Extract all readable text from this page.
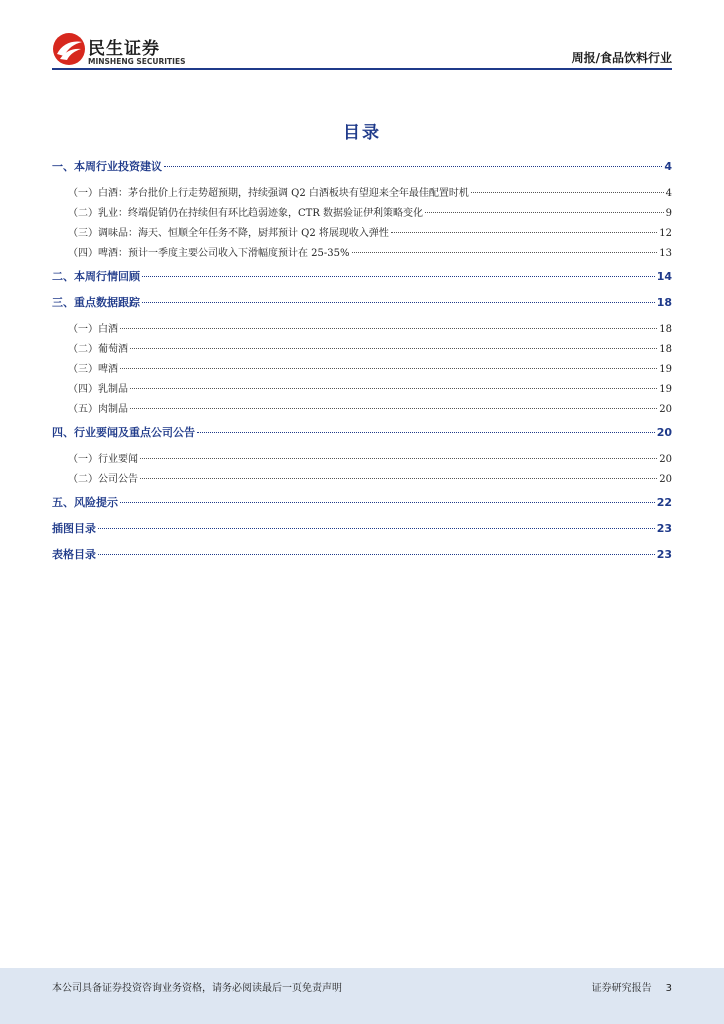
民生证券
MINSHENG SECURITIES	周报/食品饮料行业
目录
一、本周行业投资建议	4
（一）白酒：茅台批价上行走势超预期，持续强调 Q2 白酒板块有望迎来全年最佳配置时机	4
（二）乳业：终端促销仍在持续但有环比趋弱迹象，CTR 数据验证伊利策略变化	9
（三）调味品：海天、恒顺全年任务不降，厨邦预计 Q2 将展现收入弹性	12
（四）啤酒：预计一季度主要公司收入下滑幅度预计在 25-35%	13
二、本周行情回顾	14
三、重点数据跟踪	18
（一）白酒	18
（二）葡萄酒	18
（三）啤酒	19
（四）乳制品	19
（五）肉制品	20
四、行业要闻及重点公司公告	20
（一）行业要闻	20
（二）公司公告	20
五、风险提示	22
插图目录	23
表格目录	23
本公司具备证券投资咨询业务资格，请务必阅读最后一页免责声明	证券研究报告 3
